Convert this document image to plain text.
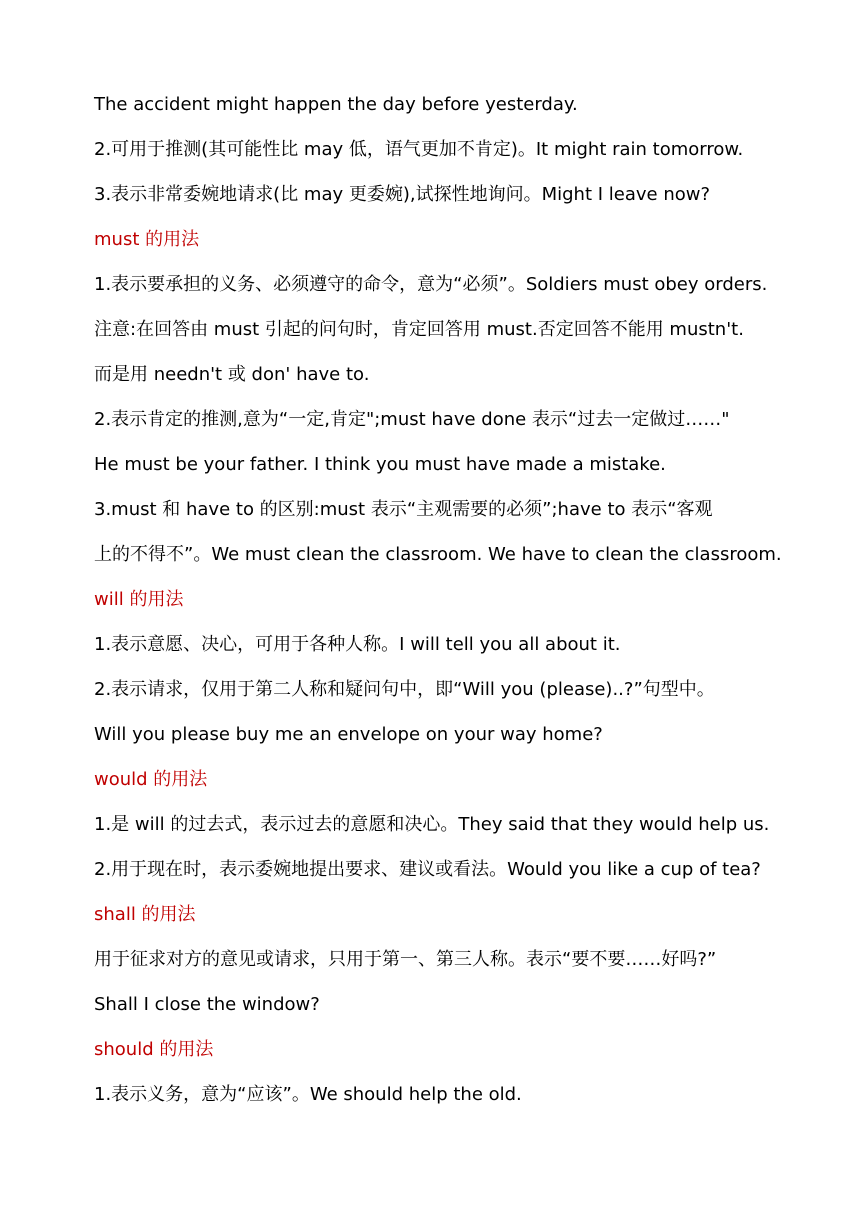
The accident might happen the day before yesterday.
2.可用于推测(其可能性比 may 低，语气更加不肯定)。It might rain tomorrow.
3.表示非常委婉地请求(比 may 更委婉),试探性地询问。Might I leave now?
must 的用法
1.表示要承担的义务、必须遵守的命令，意为“必须”。Soldiers must obey orders.
注意:在回答由 must 引起的问句时，肯定回答用 must.否定回答不能用 mustn't.
而是用 needn't 或 don' have to.
2.表示肯定的推测,意为“一定,肯定";must have done 表示“过去一定做过……"
He must be your father. I think you must have made a mistake.
3.must 和 have to 的区别:must 表示“主观需要的必须”;have to 表示“客观
上的不得不”。We must clean the classroom. We have to clean the classroom.
will 的用法
1.表示意愿、决心，可用于各种人称。I will tell you all about it.
2.表示请求，仅用于第二人称和疑问句中，即“Will you (please)..?”句型中。
Will you please buy me an envelope on your way home?
would 的用法
1.是 will 的过去式，表示过去的意愿和决心。They said that they would help us.
2.用于现在时，表示委婉地提出要求、建议或看法。Would you like a cup of tea?
shall 的用法
用于征求对方的意见或请求，只用于第一、第三人称。表示“要不要……好吗?”
Shall I close the window?
should 的用法
1.表示义务，意为“应该”。We should help the old.
